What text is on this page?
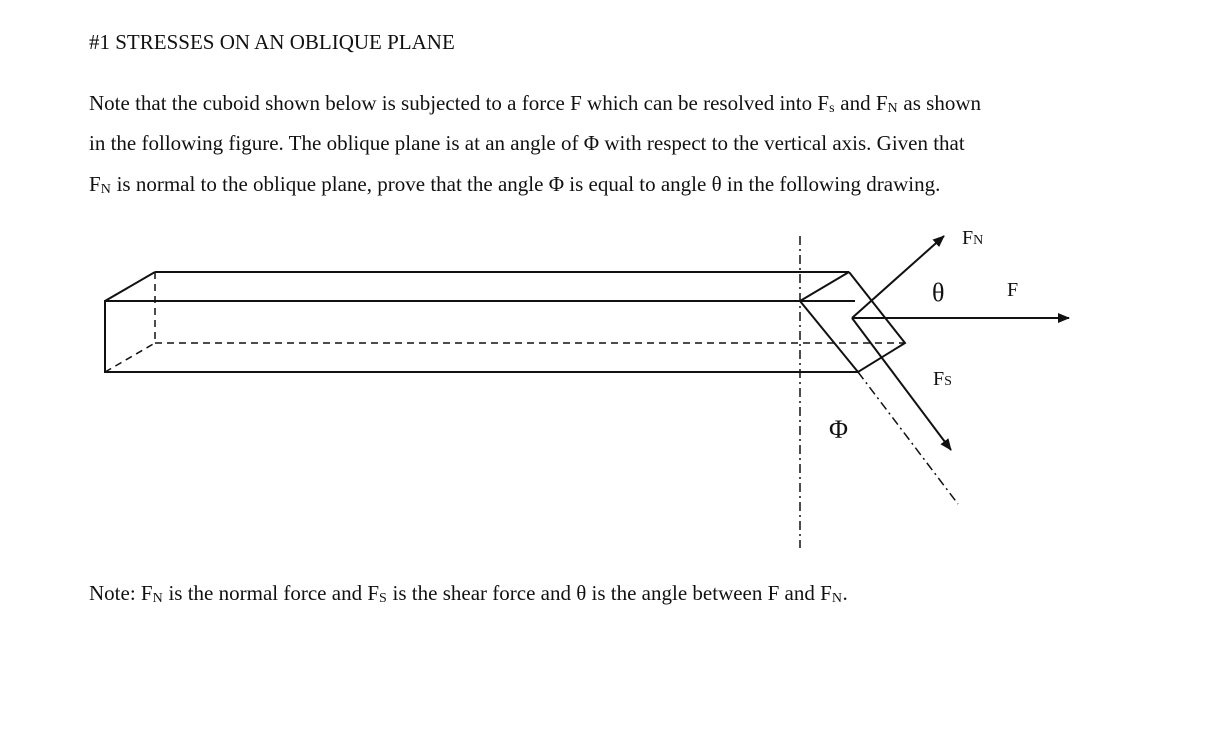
#1 STRESSES ON AN OBLIQUE PLANE
Note that the cuboid shown below is subjected to a force F which can be resolved into Fs and FN as shown
in the following figure. The oblique plane is at an angle of Φ with respect to the vertical axis. Given that
FN is normal to the oblique plane, prove that the angle Φ is equal to angle θ in the following drawing.
FN
F
θ
FS
Φ
Note: FN is the normal force and FS is the shear force and θ is the angle between F and FN.
